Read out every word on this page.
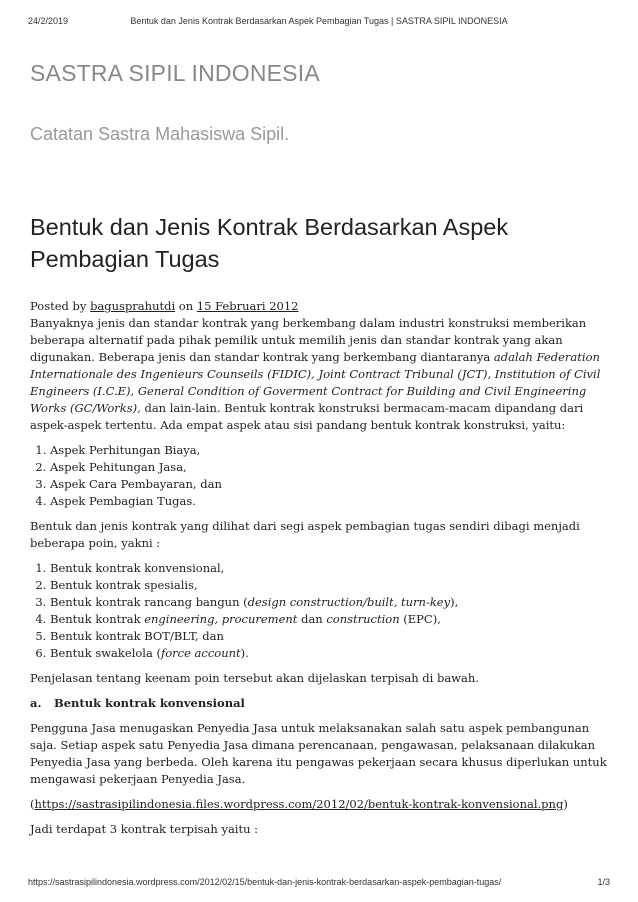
24/2/2019	Bentuk dan Jenis Kontrak Berdasarkan Aspek Pembagian Tugas | SASTRA SIPIL INDONESIA
SASTRA SIPIL INDONESIA
Catatan Sastra Mahasiswa Sipil.
Bentuk dan Jenis Kontrak Berdasarkan Aspek Pembagian Tugas

Posted by bagusprahutdi on 15 Februari 2012
Banyaknya jenis dan standar kontrak yang berkembang dalam industri konstruksi memberikan beberapa alternatif pada pihak pemilik untuk memilih jenis dan standar kontrak yang akan digunakan. Beberapa jenis dan standar kontrak yang berkembang diantaranya adalah Federation Internationale des Ingenieurs Counseils (FIDIC), Joint Contract Tribunal (JCT), Institution of Civil Engineers (I.C.E), General Condition of Goverment Contract for Building and Civil Engineering Works (GC/Works), dan lain-lain. Bentuk kontrak konstruksi bermacam-macam dipandang dari aspek-aspek tertentu. Ada empat aspek atau sisi pandang bentuk kontrak konstruksi, yaitu:

1. Aspek Perhitungan Biaya,
2. Aspek Pehitungan Jasa,
3. Aspek Cara Pembayaran, dan
4. Aspek Pembagian Tugas.

Bentuk dan jenis kontrak yang dilihat dari segi aspek pembagian tugas sendiri dibagi menjadi beberapa poin, yakni :

1. Bentuk kontrak konvensional,
2. Bentuk kontrak spesialis,
3. Bentuk kontrak rancang bangun (design construction/built, turn-key),
4. Bentuk kontrak engineering, procurement dan construction (EPC),
5. Bentuk kontrak BOT/BLT, dan
6. Bentuk swakelola (force account).

Penjelasan tentang keenam poin tersebut akan dijelaskan terpisah di bawah.

a. Bentuk kontrak konvensional

Pengguna Jasa menugaskan Penyedia Jasa untuk melaksanakan salah satu aspek pembangunan saja. Setiap aspek satu Penyedia Jasa dimana perencanaan, pengawasan, pelaksanaan dilakukan Penyedia Jasa yang berbeda. Oleh karena itu pengawas pekerjaan secara khusus diperlukan untuk mengawasi pekerjaan Penyedia Jasa.

(https://sastrasipilindonesia.files.wordpress.com/2012/02/bentuk-kontrak-konvensional.png)

Jadi terdapat 3 kontrak terpisah yaitu :

https://sastrasipilindonesia.wordpress.com/2012/02/15/bentuk-dan-jenis-kontrak-berdasarkan-aspek-pembagian-tugas/	1/3
